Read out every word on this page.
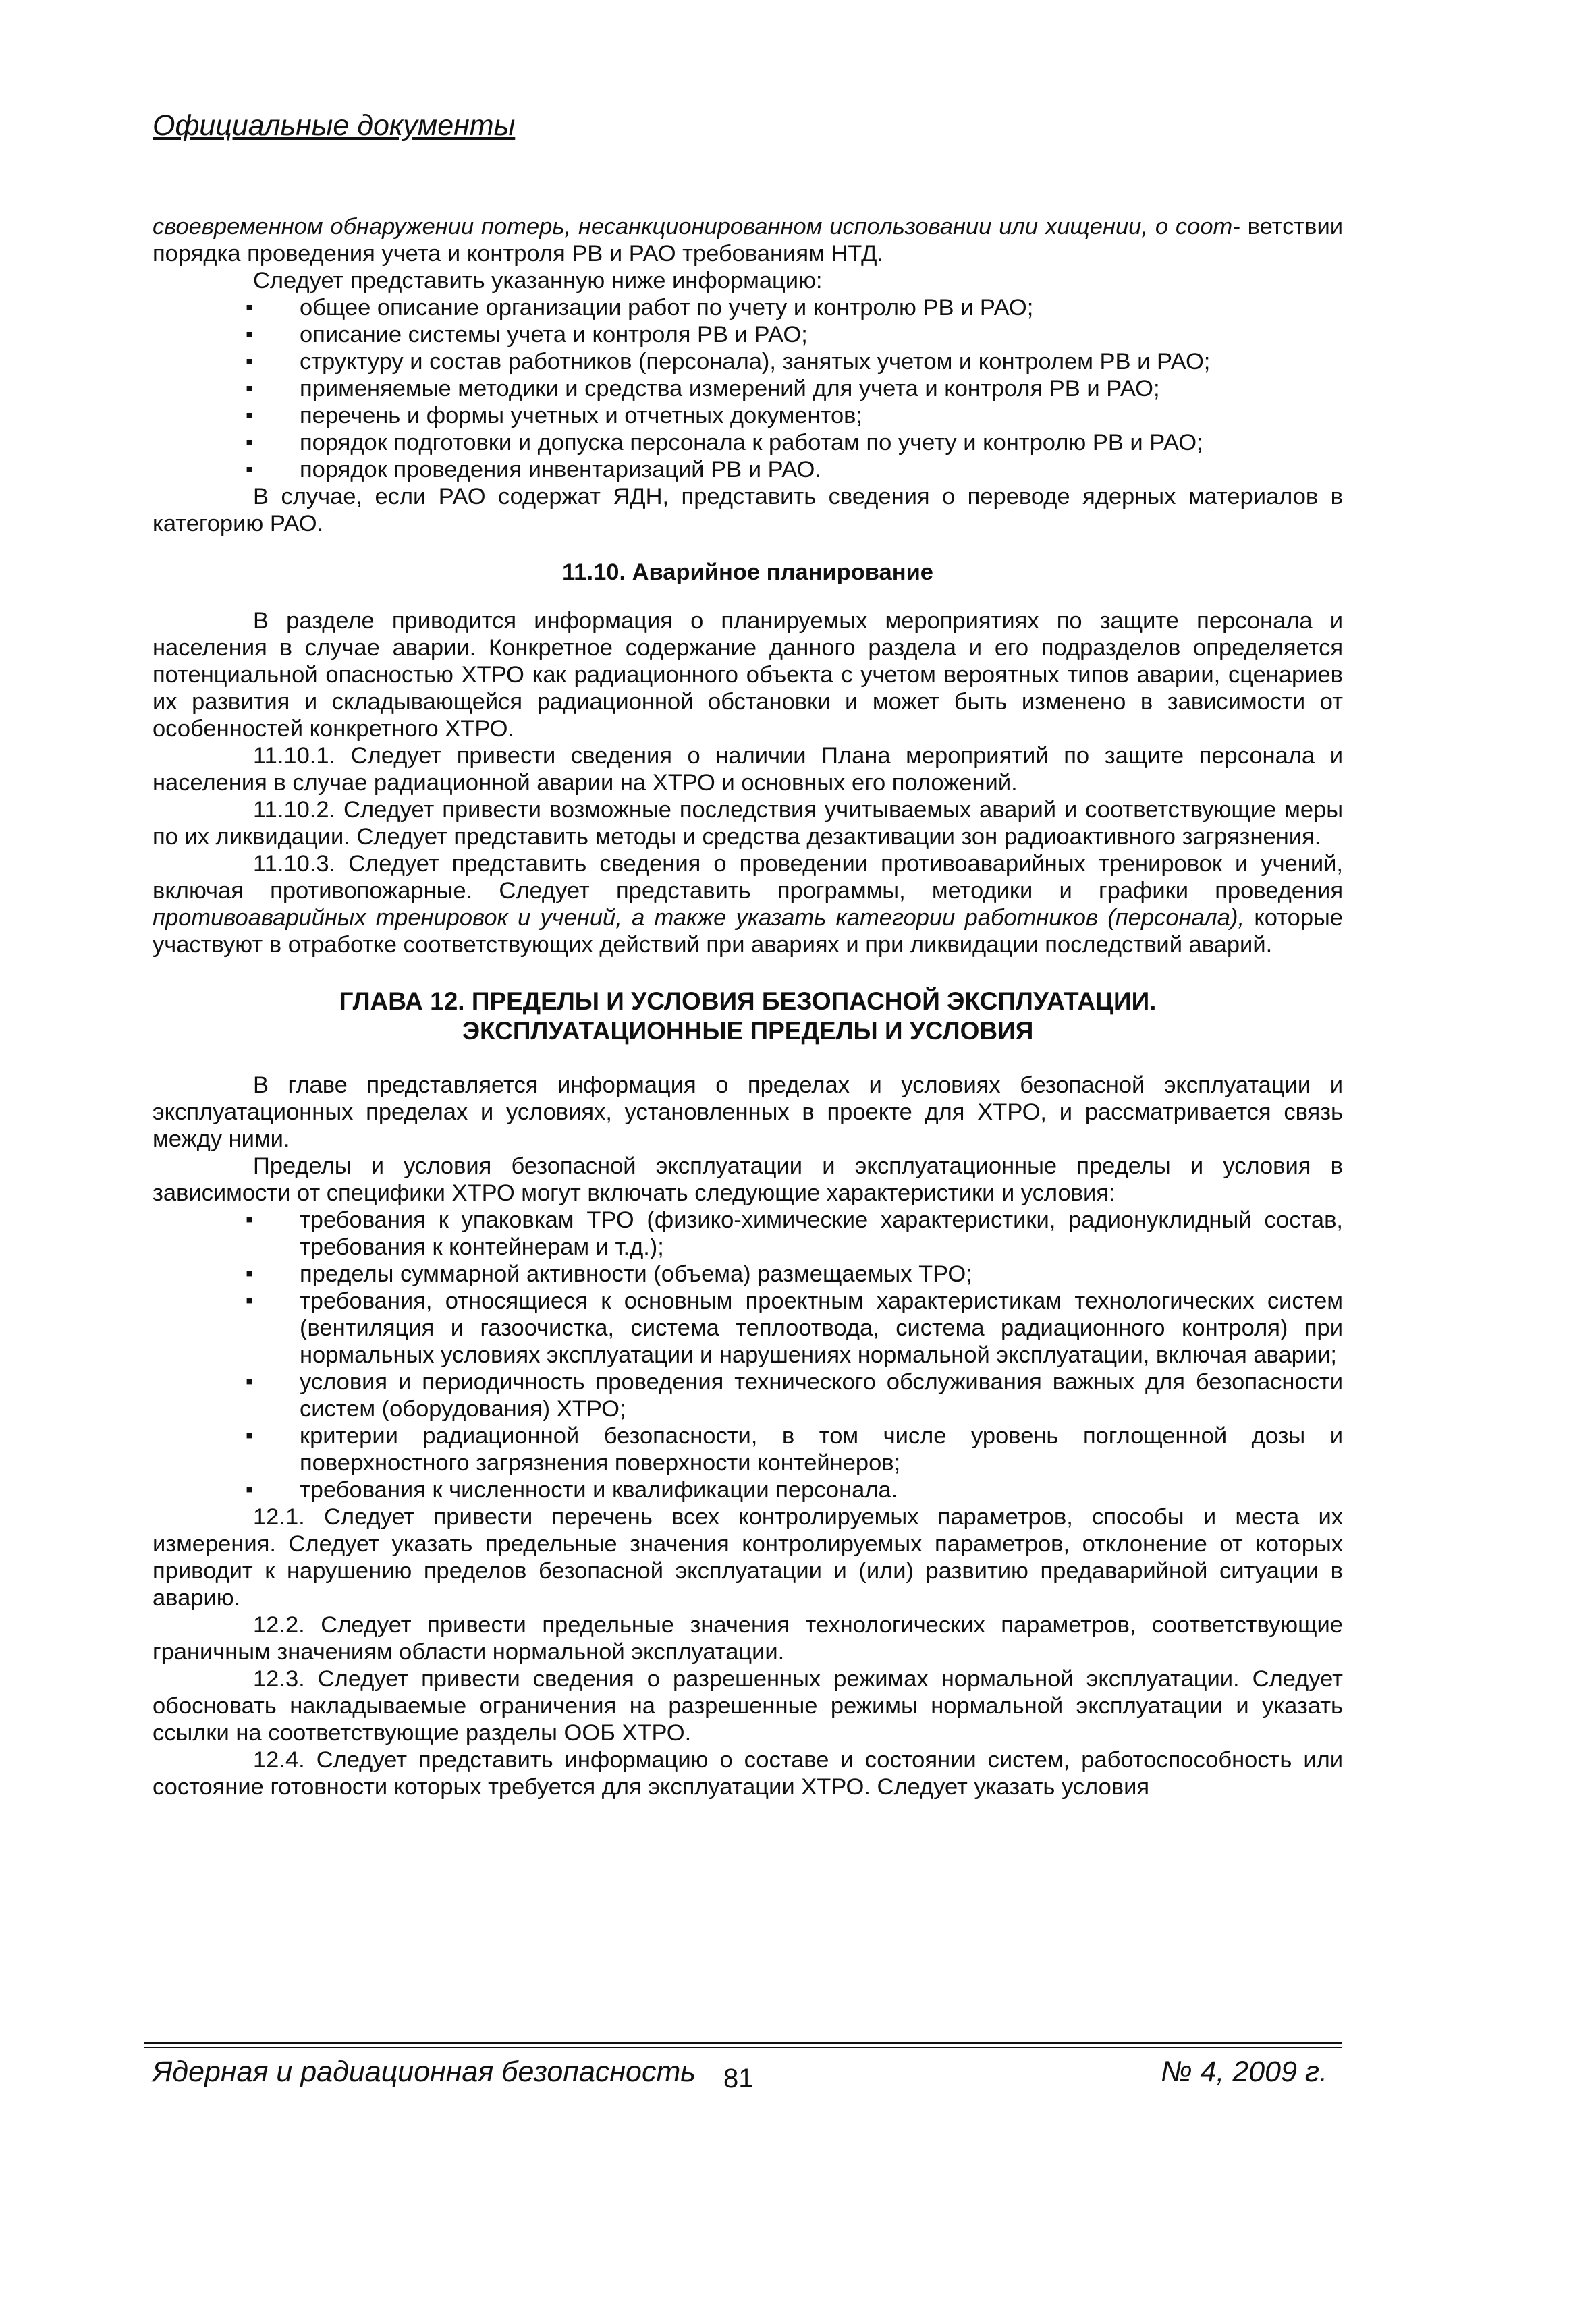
Официальные документы

своевременном обнаружении потерь, несанкционированном использовании или хищении, о соот- ветствии порядка проведения учета и контроля РВ и РАО требованиям НТД.

Следует представить указанную ниже информацию:

▪ общее описание организации работ по учету и контролю РВ и РАО;
▪ описание системы учета и контроля РВ и РАО;
▪ структуру и состав работников (персонала), занятых учетом и контролем РВ и РАО;
▪ применяемые методики и средства измерений для учета и контроля РВ и РАО;
▪ перечень и формы учетных и отчетных документов;
▪ порядок подготовки и допуска персонала к работам по учету и контролю РВ и РАО;
▪ порядок проведения инвентаризаций РВ и РАО.

В случае, если РАО содержат ЯДН, представить сведения о переводе ядерных материалов в категорию РАО.

11.10. Аварийное планирование

В разделе приводится информация о планируемых мероприятиях по защите персонала и населения в случае аварии. Конкретное содержание данного раздела и его подразделов определяется потенциальной опасностью ХТРО как радиационного объекта с учетом вероятных типов аварии, сценариев их развития и складывающейся радиационной обстановки и может быть изменено в зависимости от особенностей конкретного ХТРО.

11.10.1. Следует привести сведения о наличии Плана мероприятий по защите персонала и населения в случае радиационной аварии на ХТРО и основных его положений.

11.10.2. Следует привести возможные последствия учитываемых аварий и соответствующие меры по их ликвидации. Следует представить методы и средства дезактивации зон радиоактивного загрязнения.

11.10.3. Следует представить сведения о проведении противоаварийных тренировок и учений, включая противопожарные. Следует представить программы, методики и графики проведения противоаварийных тренировок и учений, а также указать категории работников (персонала), которые участвуют в отработке соответствующих действий при авариях и при ликвидации последствий аварий.

ГЛАВА 12. ПРЕДЕЛЫ И УСЛОВИЯ БЕЗОПАСНОЙ ЭКСПЛУАТАЦИИ.
ЭКСПЛУАТАЦИОННЫЕ ПРЕДЕЛЫ И УСЛОВИЯ

В главе представляется информация о пределах и условиях безопасной эксплуатации и эксплуатационных пределах и условиях, установленных в проекте для ХТРО, и рассматривается связь между ними.

Пределы и условия безопасной эксплуатации и эксплуатационные пределы и условия в зависимости от специфики ХТРО могут включать следующие характеристики и условия:

▪ требования к упаковкам ТРО (физико-химические характеристики, радионуклидный состав, требования к контейнерам и т.д.);
▪ пределы суммарной активности (объема) размещаемых ТРО;
▪ требования, относящиеся к основным проектным характеристикам технологических систем (вентиляция и газоочистка, система теплоотвода, система радиационного контроля) при нормальных условиях эксплуатации и нарушениях нормальной эксплуатации, включая аварии;
▪ условия и периодичность проведения технического обслуживания важных для безопасности систем (оборудования) ХТРО;
▪ критерии радиационной безопасности, в том числе уровень поглощенной дозы и поверхностного загрязнения поверхности контейнеров;
▪ требования к численности и квалификации персонала.

12.1. Следует привести перечень всех контролируемых параметров, способы и места их измерения. Следует указать предельные значения контролируемых параметров, отклонение от которых приводит к нарушению пределов безопасной эксплуатации и (или) развитию предаварийной ситуации в аварию.

12.2. Следует привести предельные значения технологических параметров, соответствующие граничным значениям области нормальной эксплуатации.

12.3. Следует привести сведения о разрешенных режимах нормальной эксплуатации. Следует обосновать накладываемые ограничения на разрешенные режимы нормальной эксплуатации и указать ссылки на соответствующие разделы ООБ ХТРО.

12.4. Следует представить информацию о составе и состоянии систем, работоспособность или состояние готовности которых требуется для эксплуатации ХТРО. Следует указать условия

Ядерная и радиационная безопасность 81	№ 4, 2009 г.
